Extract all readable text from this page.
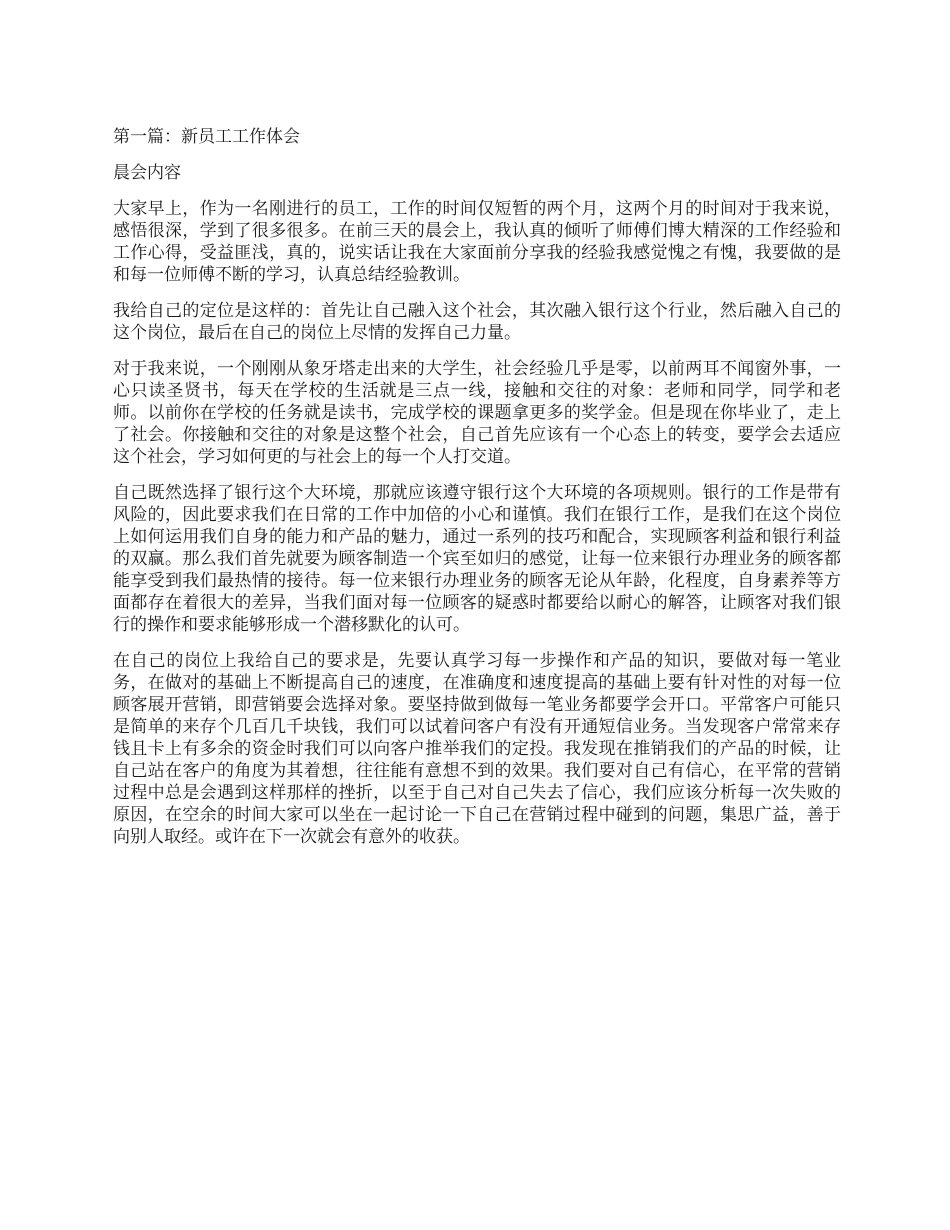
第一篇：新员工工作体会

晨会内容

大家早上，作为一名刚进行的员工，工作的时间仅短暂的两个月，这两个月的时间对于我来说，感悟很深，学到了很多很多。在前三天的晨会上，我认真的倾听了师傅们博大精深的工作经验和工作心得，受益匪浅，真的，说实话让我在大家面前分享我的经验我感觉愧之有愧，我要做的是和每一位师傅不断的学习，认真总结经验教训。

我给自己的定位是这样的：首先让自己融入这个社会，其次融入银行这个行业，然后融入自己的这个岗位，最后在自己的岗位上尽情的发挥自己力量。

对于我来说，一个刚刚从象牙塔走出来的大学生，社会经验几乎是零，以前两耳不闻窗外事，一心只读圣贤书，每天在学校的生活就是三点一线，接触和交往的对象：老师和同学，同学和老师。以前你在学校的任务就是读书，完成学校的课题拿更多的奖学金。但是现在你毕业了，走上了社会。你接触和交往的对象是这整个社会，自己首先应该有一个心态上的转变，要学会去适应这个社会，学习如何更的与社会上的每一个人打交道。

自己既然选择了银行这个大环境，那就应该遵守银行这个大环境的各项规则。银行的工作是带有风险的，因此要求我们在日常的工作中加倍的小心和谨慎。我们在银行工作，是我们在这个岗位上如何运用我们自身的能力和产品的魅力，通过一系列的技巧和配合，实现顾客利益和银行利益的双赢。那么我们首先就要为顾客制造一个宾至如归的感觉，让每一位来银行办理业务的顾客都能享受到我们最热情的接待。每一位来银行办理业务的顾客无论从年龄，化程度，自身素养等方面都存在着很大的差异，当我们面对每一位顾客的疑惑时都要给以耐心的解答，让顾客对我们银行的操作和要求能够形成一个潜移默化的认可。

在自己的岗位上我给自己的要求是，先要认真学习每一步操作和产品的知识，要做对每一笔业务，在做对的基础上不断提高自己的速度，在准确度和速度提高的基础上要有针对性的对每一位顾客展开营销，即营销要会选择对象。要坚持做到做每一笔业务都要学会开口。平常客户可能只是简单的来存个几百几千块钱，我们可以试着问客户有没有开通短信业务。当发现客户常常来存钱且卡上有多余的资金时我们可以向客户推举我们的定投。我发现在推销我们的产品的时候，让自己站在客户的角度为其着想，往往能有意想不到的效果。我们要对自己有信心，在平常的营销过程中总是会遇到这样那样的挫折，以至于自己对自己失去了信心，我们应该分析每一次失败的原因，在空余的时间大家可以坐在一起讨论一下自己在营销过程中碰到的问题，集思广益，善于向别人取经。或许在下一次就会有意外的收获。
